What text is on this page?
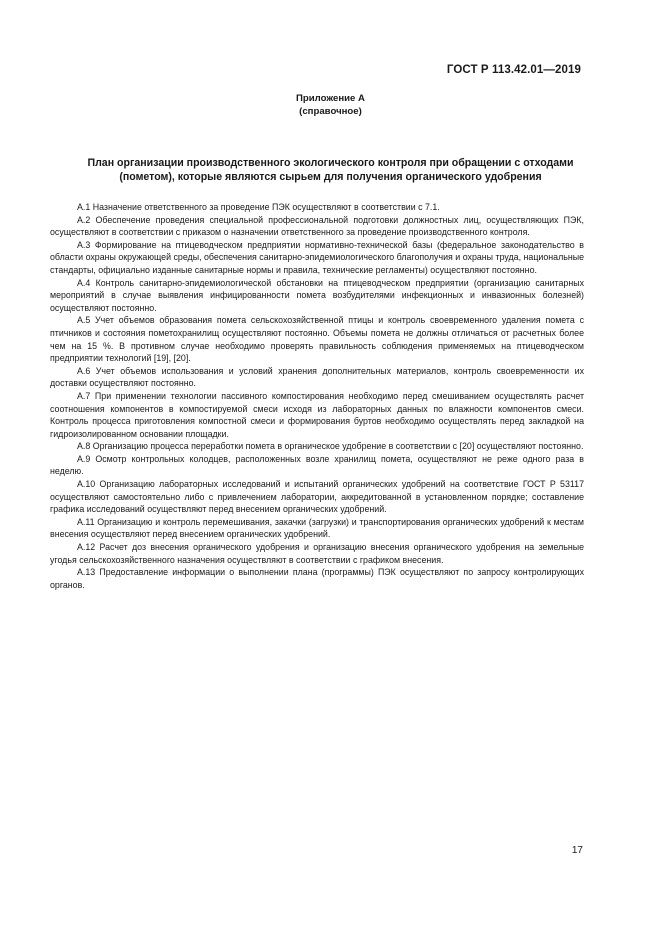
ГОСТ Р 113.42.01—2019
Приложение А
(справочное)
План организации производственного экологического контроля при обращении с отходами
(пометом), которые являются сырьем для получения органического удобрения

А.1 Назначение ответственного за проведение ПЭК осуществляют в соответствии с 7.1.

А.2 Обеспечение проведения специальной профессиональной подготовки должностных лиц, осуществляющих ПЭК, осуществляют в соответствии с приказом о назначении ответственного за проведение производственного контроля.

А.3 Формирование на птицеводческом предприятии нормативно-технической базы (федеральное законодательство в области охраны окружающей среды, обеспечения санитарно-эпидемиологического благополучия и охраны труда, национальные стандарты, официально изданные санитарные нормы и правила, технические регламенты) осуществляют постоянно.

А.4 Контроль санитарно-эпидемиологической обстановки на птицеводческом предприятии (организацию санитарных мероприятий в случае выявления инфицированности помета возбудителями инфекционных и инвазионных болезней) осуществляют постоянно.

А.5 Учет объемов образования помета сельскохозяйственной птицы и контроль своевременного удаления помета с птичников и состояния пометохранилищ осуществляют постоянно. Объемы помета не должны отличаться от расчетных более чем на 15 %. В противном случае необходимо проверять правильность соблюдения применяемых на птицеводческом предприятии технологий [19], [20].

А.6 Учет объемов использования и условий хранения дополнительных материалов, контроль своевременности их доставки осуществляют постоянно.

А.7 При применении технологии пассивного компостирования необходимо перед смешиванием осуществлять расчет соотношения компонентов в компостируемой смеси исходя из лабораторных данных по влажности компонентов смеси. Контроль процесса приготовления компостной смеси и формирования буртов необходимо осуществлять перед закладкой на гидроизолированном основании площадки.

А.8 Организацию процесса переработки помета в органическое удобрение в соответствии с [20] осуществляют постоянно.

А.9 Осмотр контрольных колодцев, расположенных возле хранилищ помета, осуществляют не реже одного раза в неделю.

А.10 Организацию лабораторных исследований и испытаний органических удобрений на соответствие ГОСТ Р 53117 осуществляют самостоятельно либо с привлечением лаборатории, аккредитованной в установленном порядке; составление графика исследований осуществляют перед внесением органических удобрений.

А.11 Организацию и контроль перемешивания, закачки (загрузки) и транспортирования органических удобрений к местам внесения осуществляют перед внесением органических удобрений.

А.12 Расчет доз внесения органического удобрения и организацию внесения органического удобрения на земельные угодья сельскохозяйственного назначения осуществляют в соответствии с графиком внесения.

А.13 Предоставление информации о выполнении плана (программы) ПЭК осуществляют по запросу контролирующих органов.

17
